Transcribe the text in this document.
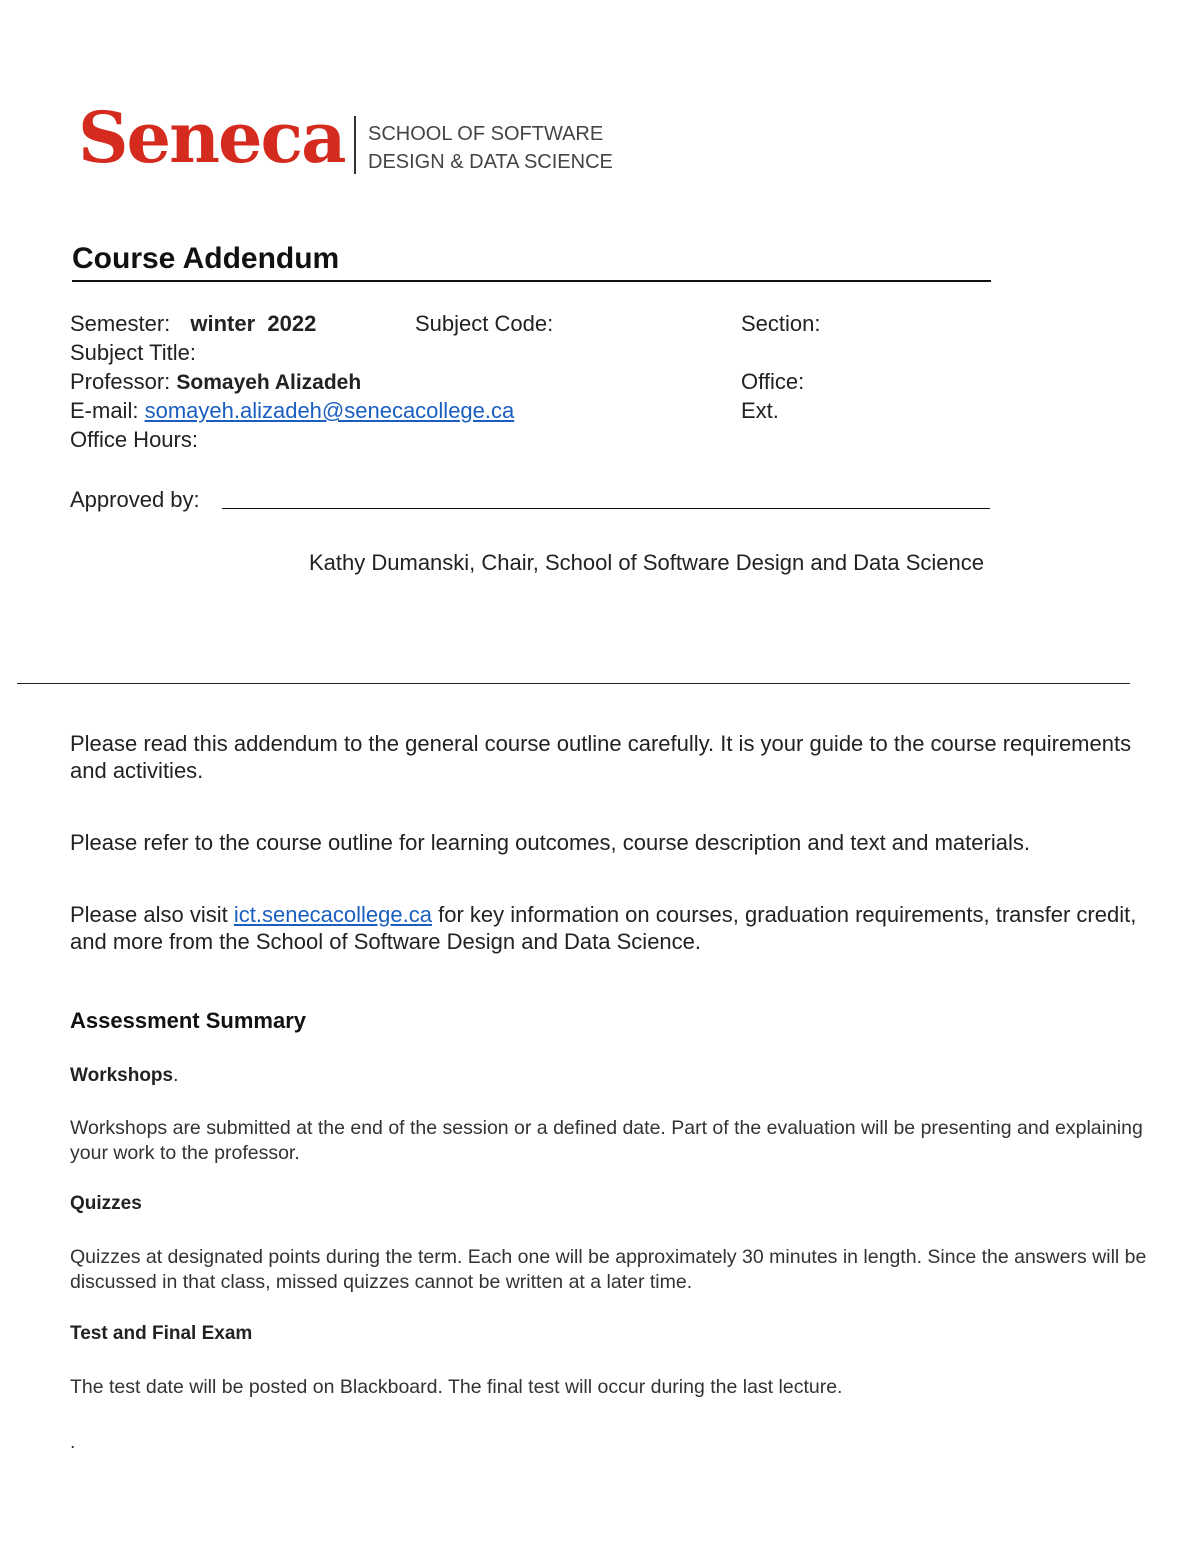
Seneca SCHOOL OF SOFTWARE
DESIGN & DATA SCIENCE
Course Addendum
Semester: winter  2022	Subject Code:	Section:
Subject Title:
Professor: Somayeh Alizadeh	Office:
E-mail: somayeh.alizadeh@senecacollege.ca	Ext.
Office Hours:
Approved by:
Kathy Dumanski, Chair, School of Software Design and Data Science
Please read this addendum to the general course outline carefully. It is your guide to the course requirements and activities.
Please refer to the course outline for learning outcomes, course description and text and materials.
Please also visit ict.senecacollege.ca for key information on courses, graduation requirements, transfer credit, and more from the School of Software Design and Data Science.
Assessment Summary
Workshops.
Workshops are submitted at the end of the session or a defined date. Part of the evaluation will be presenting and explaining your work to the professor.
Quizzes
Quizzes at designated points during the term. Each one will be approximately 30 minutes in length. Since the answers will be discussed in that class, missed quizzes cannot be written at a later time.
Test and Final Exam
The test date will be posted on Blackboard. The final test will occur during the last lecture.
.
